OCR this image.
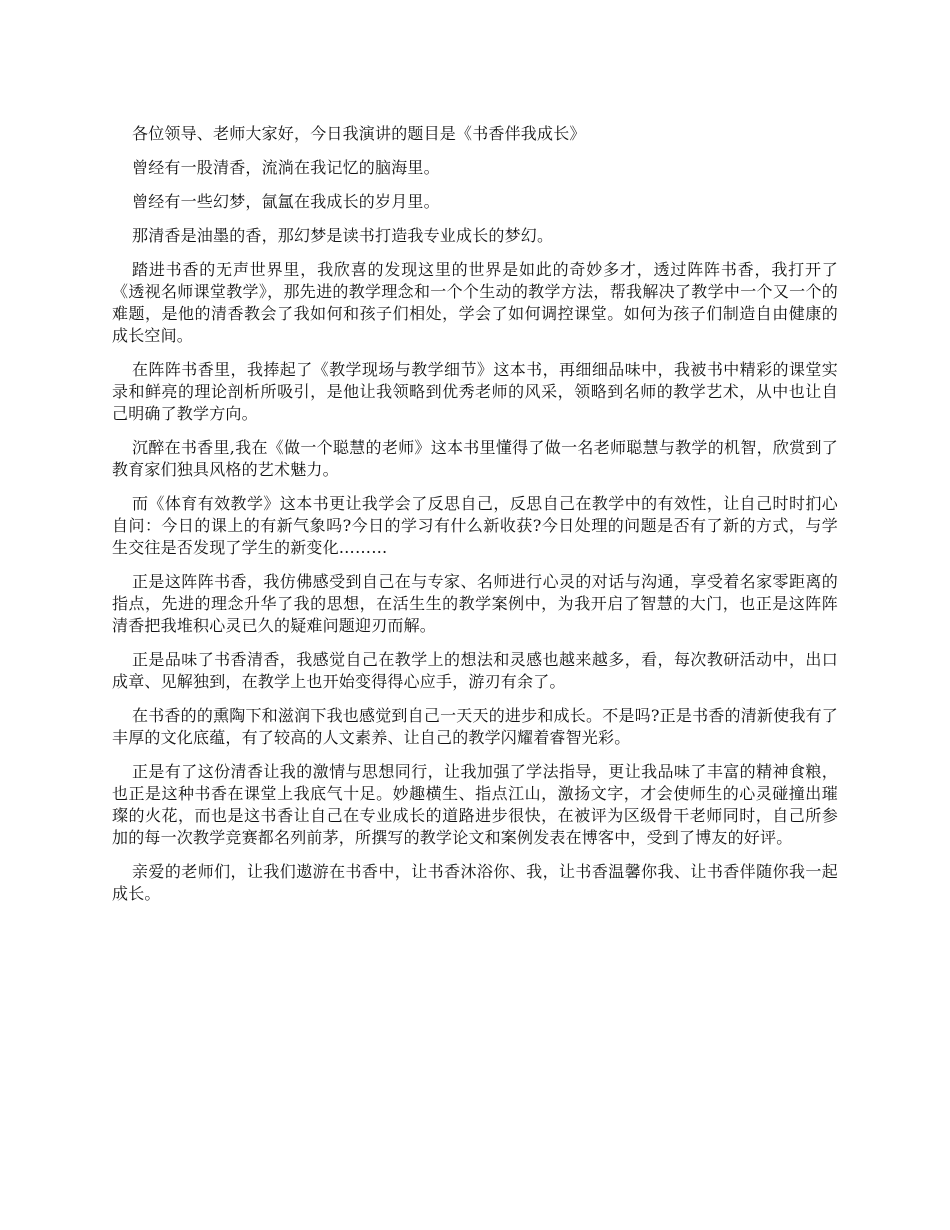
各位领导、老师大家好，今日我演讲的题目是《书香伴我成长》

曾经有一股清香，流淌在我记忆的脑海里。

曾经有一些幻梦，氤氲在我成长的岁月里。

那清香是油墨的香，那幻梦是读书打造我专业成长的梦幻。

踏进书香的无声世界里，我欣喜的发现这里的世界是如此的奇妙多才，透过阵阵书香，我打开了《透视名师课堂教学》，那先进的教学理念和一个个生动的教学方法，帮我解决了教学中一个又一个的难题，是他的清香教会了我如何和孩子们相处，学会了如何调控课堂。如何为孩子们制造自由健康的成长空间。

在阵阵书香里，我捧起了《教学现场与教学细节》这本书，再细细品味中，我被书中精彩的课堂实录和鲜亮的理论剖析所吸引，是他让我领略到优秀老师的风采，领略到名师的教学艺术，从中也让自己明确了教学方向。

沉醉在书香里,我在《做一个聪慧的老师》这本书里懂得了做一名老师聪慧与教学的机智，欣赏到了教育家们独具风格的艺术魅力。

而《体育有效教学》这本书更让我学会了反思自己，反思自己在教学中的有效性，让自己时时扪心自问：今日的课上的有新气象吗?今日的学习有什么新收获?今日处理的问题是否有了新的方式，与学生交往是否发现了学生的新变化………

正是这阵阵书香，我仿佛感受到自己在与专家、名师进行心灵的对话与沟通，享受着名家零距离的指点，先进的理念升华了我的思想，在活生生的教学案例中，为我开启了智慧的大门，也正是这阵阵清香把我堆积心灵已久的疑难问题迎刃而解。

正是品味了书香清香，我感觉自己在教学上的想法和灵感也越来越多，看，每次教研活动中，出口成章、见解独到，在教学上也开始变得得心应手，游刃有余了。

在书香的的熏陶下和滋润下我也感觉到自己一天天的进步和成长。不是吗?正是书香的清新使我有了丰厚的文化底蕴，有了较高的人文素养、让自己的教学闪耀着睿智光彩。

正是有了这份清香让我的激情与思想同行，让我加强了学法指导，更让我品味了丰富的精神食粮，也正是这种书香在课堂上我底气十足。妙趣横生、指点江山，激扬文字，才会使师生的心灵碰撞出璀璨的火花，而也是这书香让自己在专业成长的道路进步很快，在被评为区级骨干老师同时，自己所参加的每一次教学竞赛都名列前茅，所撰写的教学论文和案例发表在博客中，受到了博友的好评。

亲爱的老师们，让我们遨游在书香中，让书香沐浴你、我，让书香温馨你我、让书香伴随你我一起成长。
